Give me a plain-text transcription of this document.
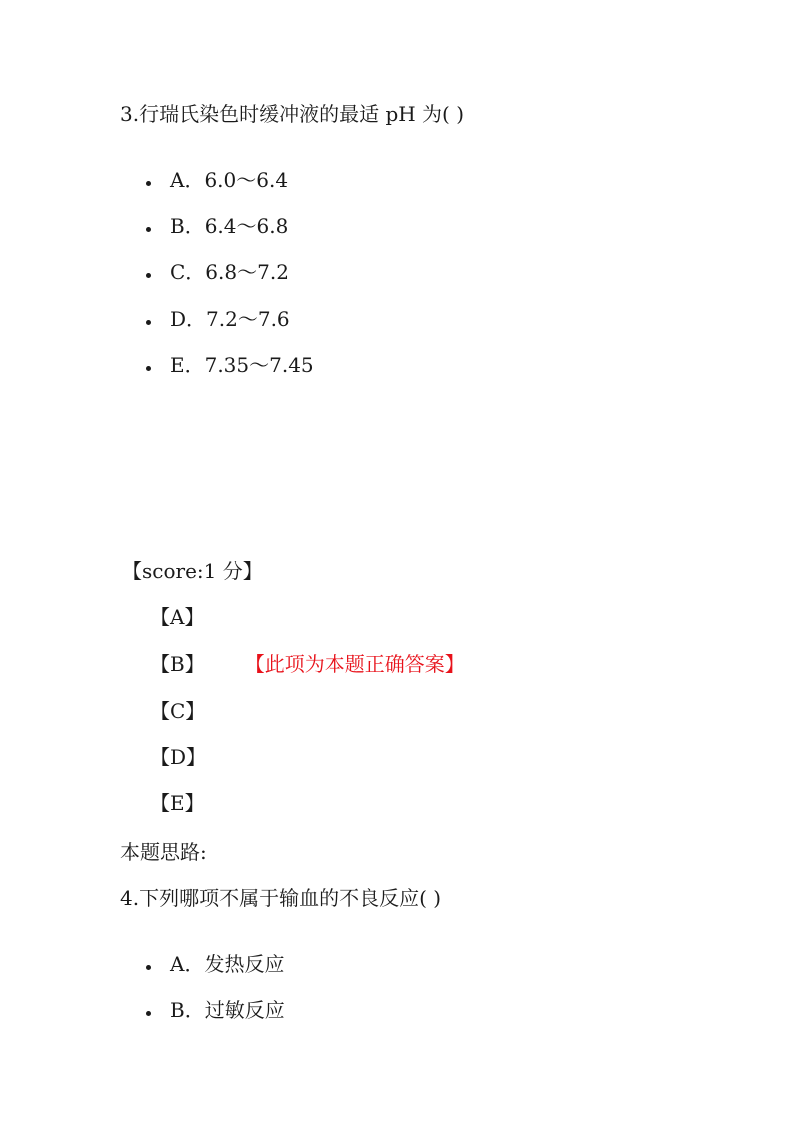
3.行瑞氏染色时缓冲液的最适 pH 为( )
A．6.0～6.4
B．6.4～6.8
C．6.8～7.2
D．7.2～7.6
E．7.35～7.45
【score:1 分】
【A】
【B】 【此项为本题正确答案】
【C】
【D】
【E】
本题思路:
4.下列哪项不属于输血的不良反应( )
A．发热反应
B．过敏反应
